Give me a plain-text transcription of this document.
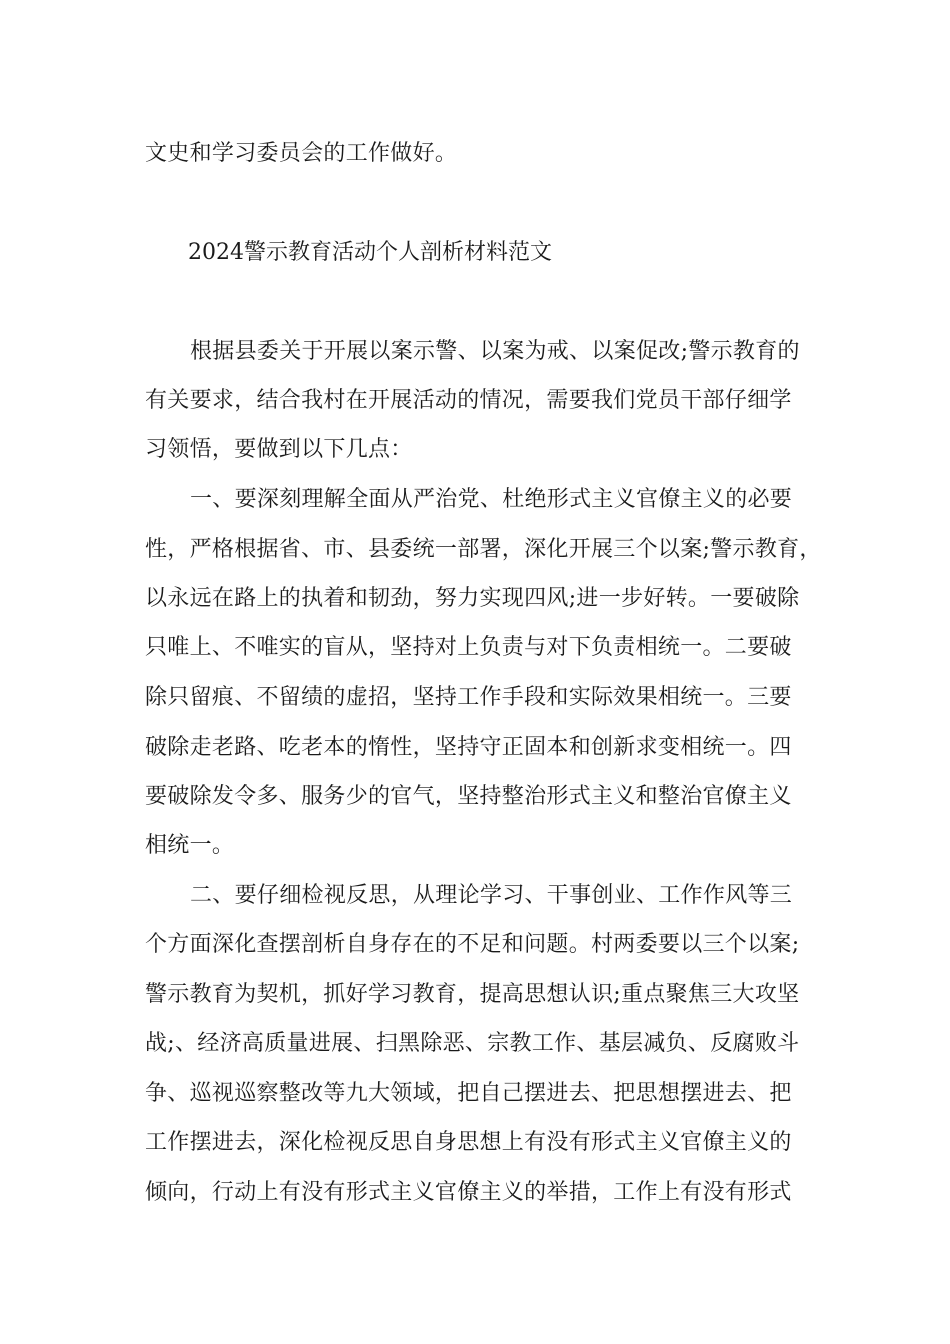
文史和学习委员会的工作做好。
2024警示教育活动个人剖析材料范文
根据县委关于开展以案示警、以案为戒、以案促改;警示教育的
有关要求，结合我村在开展活动的情况，需要我们党员干部仔细学
习领悟，要做到以下几点：
一、要深刻理解全面从严治党、杜绝形式主义官僚主义的必要
性，严格根据省、市、县委统一部署，深化开展三个以案;警示教育，
以永远在路上的执着和韧劲，努力实现四风;进一步好转。一要破除
只唯上、不唯实的盲从，坚持对上负责与对下负责相统一。二要破
除只留痕、不留绩的虚招，坚持工作手段和实际效果相统一。三要
破除走老路、吃老本的惰性，坚持守正固本和创新求变相统一。四
要破除发令多、服务少的官气，坚持整治形式主义和整治官僚主义
相统一。
二、要仔细检视反思，从理论学习、干事创业、工作作风等三
个方面深化查摆剖析自身存在的不足和问题。村两委要以三个以案;
警示教育为契机，抓好学习教育，提高思想认识;重点聚焦三大攻坚
战;、经济高质量进展、扫黑除恶、宗教工作、基层减负、反腐败斗
争、巡视巡察整改等九大领域，把自己摆进去、把思想摆进去、把
工作摆进去，深化检视反思自身思想上有没有形式主义官僚主义的
倾向，行动上有没有形式主义官僚主义的举措，工作上有没有形式
